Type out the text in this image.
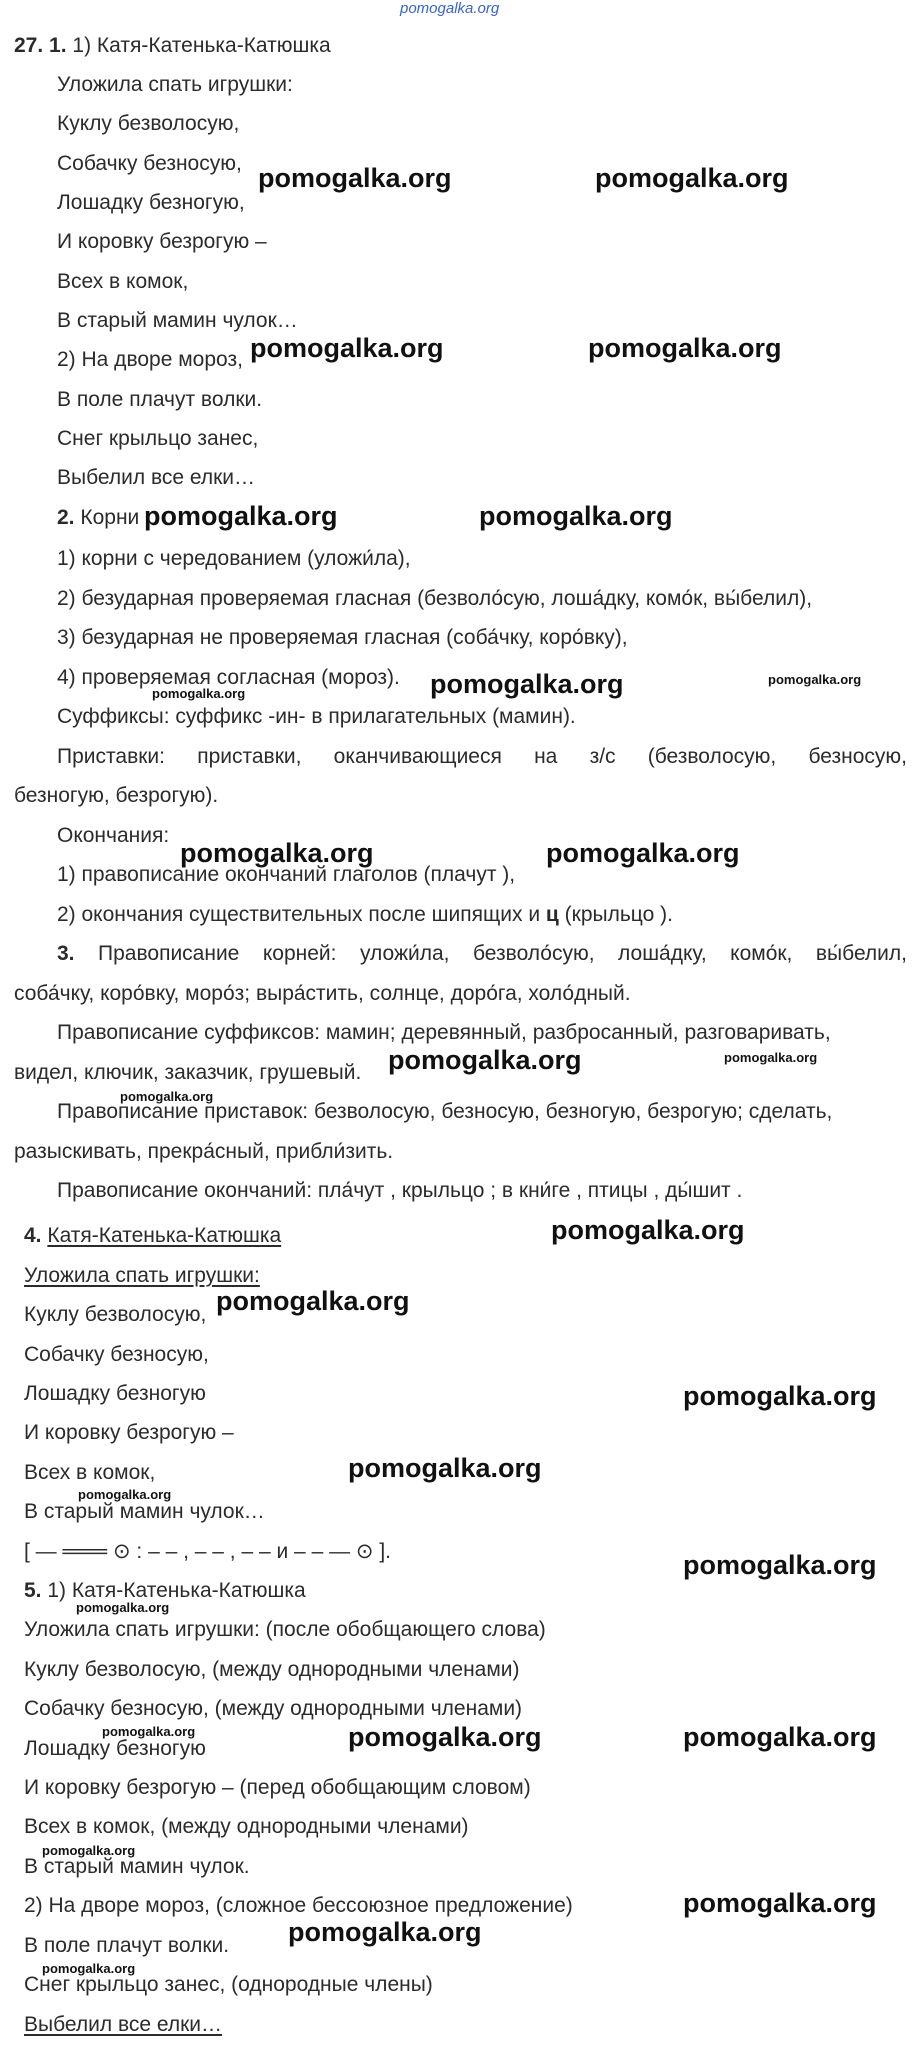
pomogalka.org
27. 1. 1) Катя-Катенька-Катюшка
Уложила спать игрушки:
Куклу безволосую,
Собачку безносую,
Лошадку безногую,
И коровку безрогую –
Всех в комок,
В старый мамин чулок…
2) На дворе мороз,
В поле плачут волки.
Снег крыльцо занес,
Выбелил все елки…
2. Корни
1) корни с чередованием (уложи́ла),
2) безударная проверяемая гласная (безволо́сую, лоша́дку, комо́к, вы́белил),
3) безударная не проверяемая гласная (соба́чку, коро́вку),
4) проверяемая согласная (мороз).
Суффиксы: суффикс -ин- в прилагательных (мамин).
Приставки: приставки, оканчивающиеся на з/с (безволосую, безносую,
безногую, безрогую).
Окончания:
1) правописание окончаний глаголов (плачут ),
2) окончания существительных после шипящих и ц (крыльцо ).
3. Правописание корней: уложи́ла, безволо́сую, лоша́дку, комо́к, вы́белил,
соба́чку, коро́вку, моро́з; выра́стить, солнце, доро́га, холо́дный.
Правописание суффиксов: мамин; деревянный, разбросанный, разговаривать,
видел, ключик, заказчик, грушевый.
Правописание приставок: безволосую, безносую, безногую, безрогую; сделать,
разыскивать, прекра́сный, прибли́зить.
Правописание окончаний: пла́чут , крыльцо ; в кни́ге , птицы , ды́шит .
4. Катя-Катенька-Катюшка
Уложила спать игрушки:
Куклу безволосую,
Собачку безносую,
Лошадку безногую
И коровку безрогую –
Всех в комок,
В старый мамин чулок…
[ — ═══ ⊙ : ‒ ‒ , ‒ ‒ , ‒ ‒ и ‒ ‒ — ⊙ ].
5. 1) Катя-Катенька-Катюшка
Уложила спать игрушки: (после обобщающего слова)
Куклу безволосую, (между однородными членами)
Собачку безносую, (между однородными членами)
Лошадку безногую
И коровку безрогую – (перед обобщающим словом)
Всех в комок, (между однородными членами)
В старый мамин чулок.
2) На дворе мороз, (сложное бессоюзное предложение)
В поле плачут волки.
Снег крыльцо занес, (однородные члены)
Выбелил все елки…
pomogalka.org	pomogalka.org
pomogalka.org	pomogalka.org
pomogalka.org	pomogalka.org
pomogalka.org
pomogalka.org	pomogalka.org
pomogalka.org
pomogalka.org
pomogalka.org
pomogalka.org
pomogalka.org
pomogalka.org
pomogalka.org	pomogalka.org
pomogalka.org
pomogalka.org
pomogalka.org
pomogalka.org
pomogalka.org
pomogalka.org
pomogalka.org
pomogalka.org
pomogalka.org
pomogalka.org
pomogalka.org
